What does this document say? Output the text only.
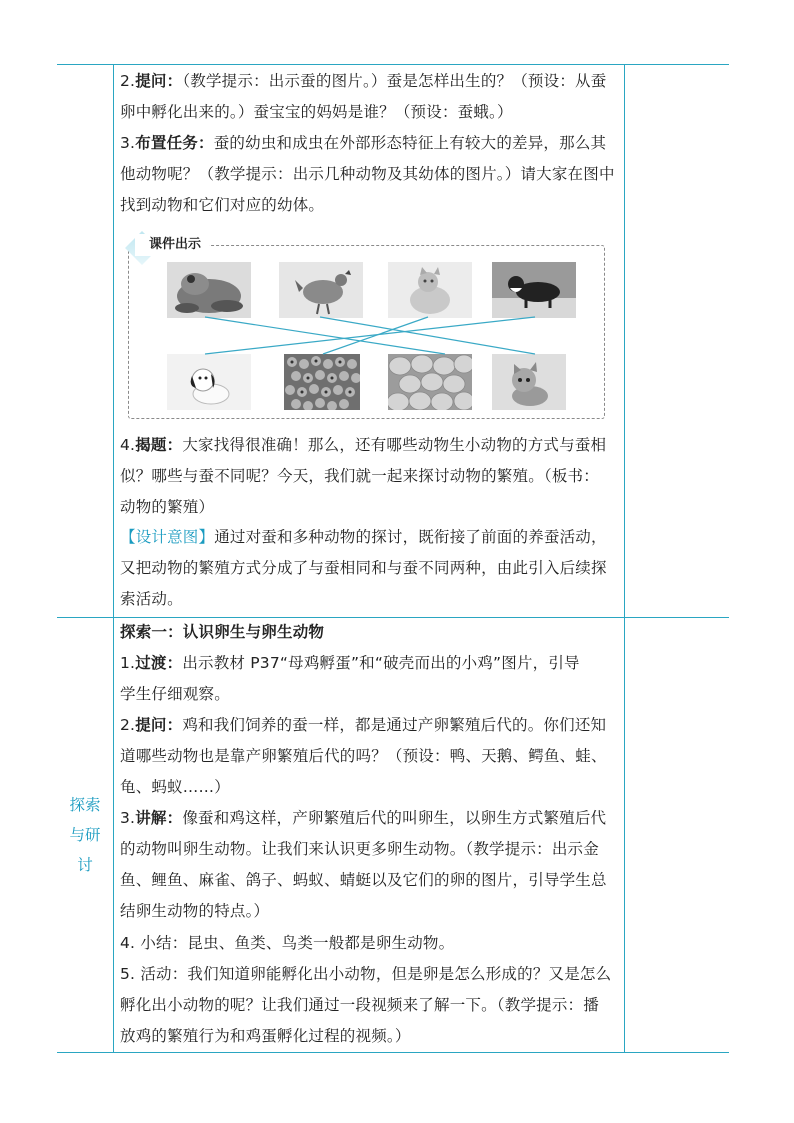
2.提问：（教学提示：出示蚕的图片。）蚕是怎样出生的？（预设：从蚕
卵中孵化出来的。）蚕宝宝的妈妈是谁？（预设：蚕蛾。）
3.布置任务：蚕的幼虫和成虫在外部形态特征上有较大的差异，那么其
他动物呢？（教学提示：出示几种动物及其幼体的图片。）请大家在图中
找到动物和它们对应的幼体。
课件出示
4.揭题：大家找得很准确！那么，还有哪些动物生小动物的方式与蚕相
似？哪些与蚕不同呢？今天，我们就一起来探讨动物的繁殖。（板书：
动物的繁殖）
【设计意图】通过对蚕和多种动物的探讨，既衔接了前面的养蚕活动，
又把动物的繁殖方式分成了与蚕相同和与蚕不同两种，由此引入后续探
索活动。
探索
与研
讨
探索一：认识卵生与卵生动物
1.过渡：出示教材 P37“母鸡孵蛋”和“破壳而出的小鸡”图片，引导
学生仔细观察。
2.提问：鸡和我们饲养的蚕一样，都是通过产卵繁殖后代的。你们还知
道哪些动物也是靠产卵繁殖后代的吗？（预设：鸭、天鹅、鳄鱼、蛙、
龟、蚂蚁……）
3.讲解：像蚕和鸡这样，产卵繁殖后代的叫卵生，以卵生方式繁殖后代
的动物叫卵生动物。让我们来认识更多卵生动物。（教学提示：出示金
鱼、鲤鱼、麻雀、鸽子、蚂蚁、蜻蜓以及它们的卵的图片，引导学生总
结卵生动物的特点。）
4. 小结：昆虫、鱼类、鸟类一般都是卵生动物。
5. 活动：我们知道卵能孵化出小动物，但是卵是怎么形成的？又是怎么
孵化出小动物的呢？让我们通过一段视频来了解一下。（教学提示：播
放鸡的繁殖行为和鸡蛋孵化过程的视频。）
